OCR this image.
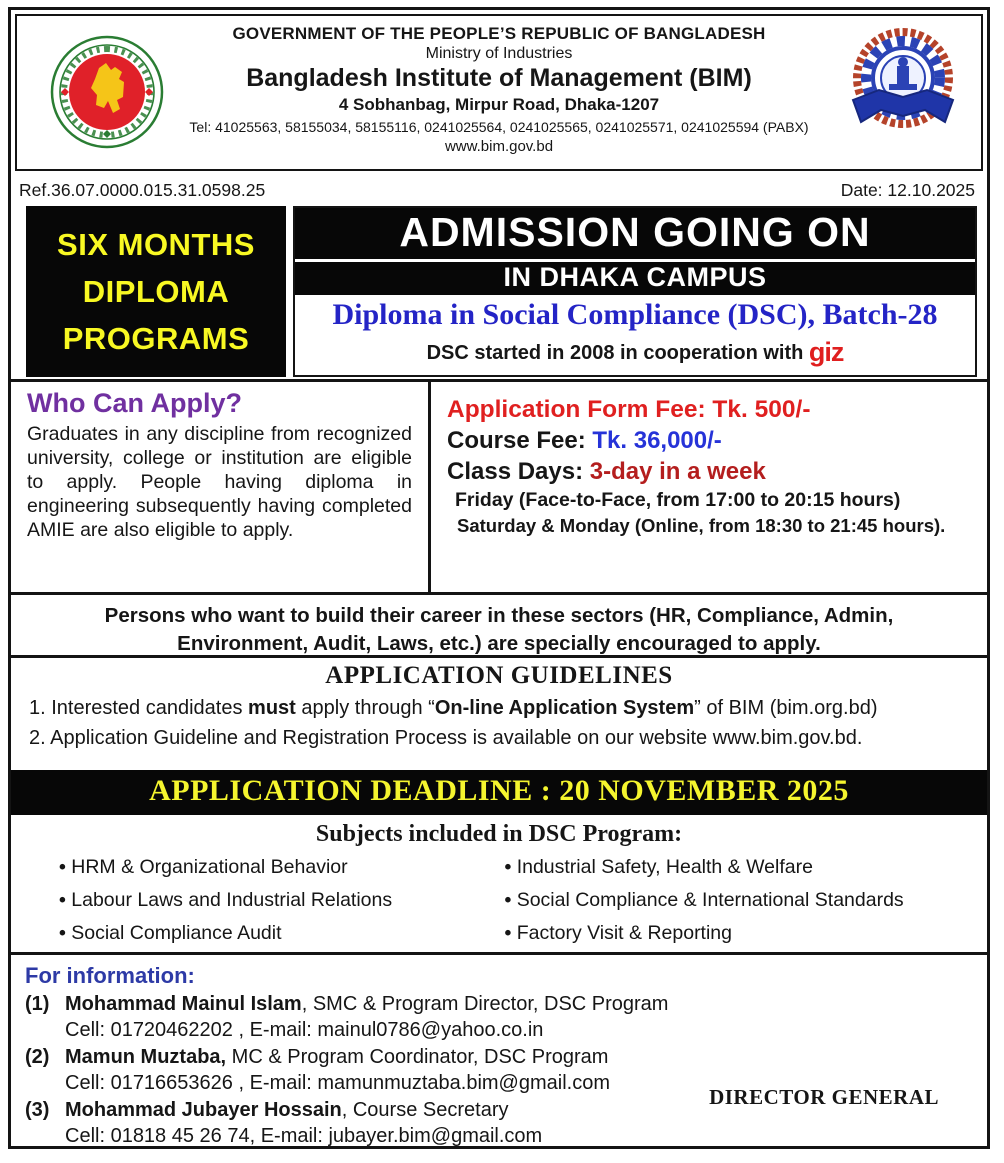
GOVERNMENT OF THE PEOPLE’S REPUBLIC OF BANGLADESH
Ministry of Industries
Bangladesh Institute of Management (BIM)
4 Sobhanbag, Mirpur Road, Dhaka-1207
Tel: 41025563, 58155034, 58155116, 0241025564, 0241025565, 0241025571, 0241025594 (PABX)
www.bim.gov.bd
Ref.36.07.0000.015.31.0598.25	Date: 12.10.2025
SIX MONTHS
DIPLOMA
PROGRAMS
ADMISSION GOING ON
IN DHAKA CAMPUS
Diploma in Social Compliance (DSC), Batch-28
DSC started in 2008 in cooperation with giz
Who Can Apply?
Graduates in any discipline from recognized university, college or institution are eligible to apply. People having diploma in engineering subsequently having completed AMIE are also eligible to apply.
Application Form Fee: Tk. 500/-
Course Fee: Tk. 36,000/-
Class Days: 3-day in a week
Friday (Face-to-Face, from 17:00 to 20:15 hours)
Saturday & Monday (Online, from 18:30 to 21:45 hours).
Persons who want to build their career in these sectors (HR, Compliance, Admin, Environment, Audit, Laws, etc.) are specially encouraged to apply.
APPLICATION GUIDELINES
1. Interested candidates must apply through “On-line Application System” of BIM (bim.org.bd)
2. Application Guideline and Registration Process is available on our website www.bim.gov.bd.
APPLICATION DEADLINE : 20 NOVEMBER 2025
Subjects included in DSC Program:
• HRM & Organizational Behavior
• Labour Laws and Industrial Relations
• Social Compliance Audit
• Industrial Safety, Health & Welfare
• Social Compliance & International Standards
• Factory Visit & Reporting
For information:
(1) Mohammad Mainul Islam, SMC & Program Director, DSC Program
Cell: 01720462202 , E-mail: mainul0786@yahoo.co.in
(2) Mamun Muztaba, MC & Program Coordinator, DSC Program
Cell: 01716653626 , E-mail: mamunmuztaba.bim@gmail.com
(3) Mohammad Jubayer Hossain, Course Secretary
Cell: 01818 45 26 74, E-mail: jubayer.bim@gmail.com
DIRECTOR GENERAL
